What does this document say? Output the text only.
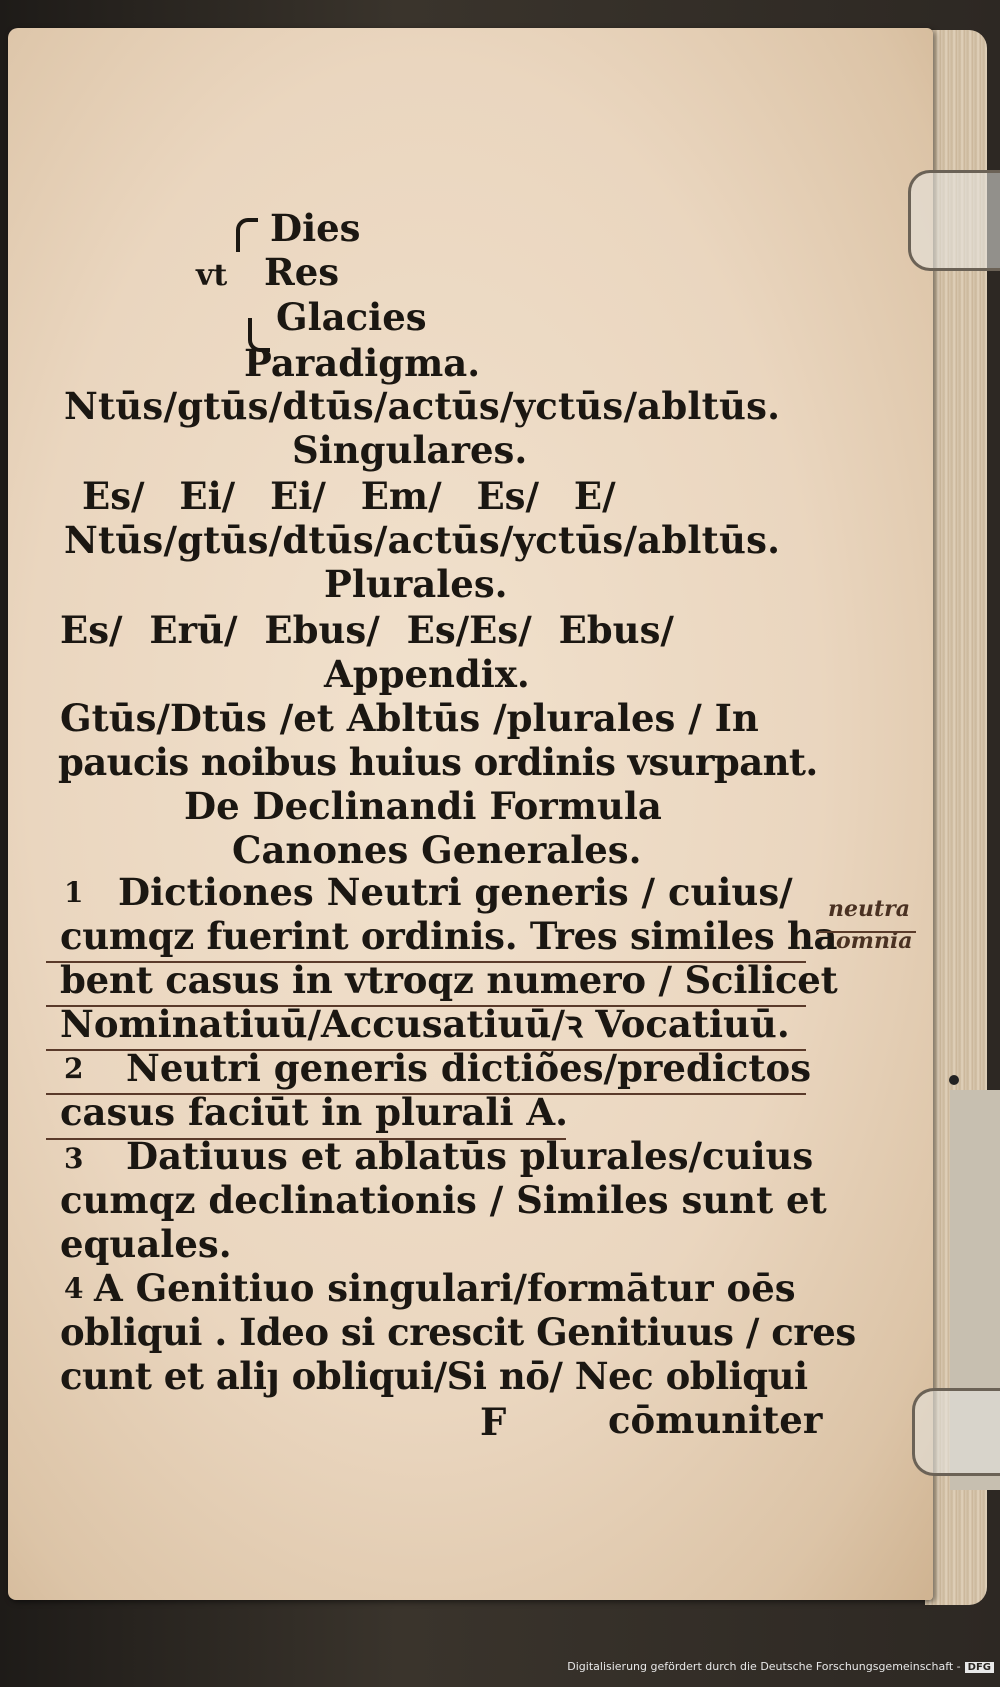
Dies
vt Res
Glacies
Paradigma.
Ntūs/gtūs/dtūs/actūs/yctūs/abltūs.
Singulares.
Es/ Ei/ Ei/ Em/ Es/ E/
Ntūs/gtūs/dtūs/actūs/yctūs/abltūs.
Plurales.
Es/ Erū/ Ebus/ Es/Es/ Ebus/
Appendix.
Gtūs/Dtūs /et Abltūs /plurales / In
paucis noibus huius ordinis vsurpant.
De Declinandi Formula
Canones Generales.
1 Dictiones Neutri generis / cuius/
cumqz fuerint ordinis. Tres similes ha
bent casus in vtroqz numero / Scilicet
Nominatiuū/Accusatiuū/ꝛ Vocatiuū.
2 Neutri generis dictiões/predictos
casus faciūt in plurali A.
3 Datiuus et ablatūs plurales/cuius
cumqz declinationis / Similes sunt et
equales.
4 A Genitiuo singulari/formātur oēs
obliqui . Ideo si crescit Genitiuus / cres
cunt et aliȷ obliqui/Si nō/ Nec obliqui
F	cōmuniter
neutra
omnia
Digitalisierung gefördert durch die Deutsche Forschungsgemeinschaft - DFG
